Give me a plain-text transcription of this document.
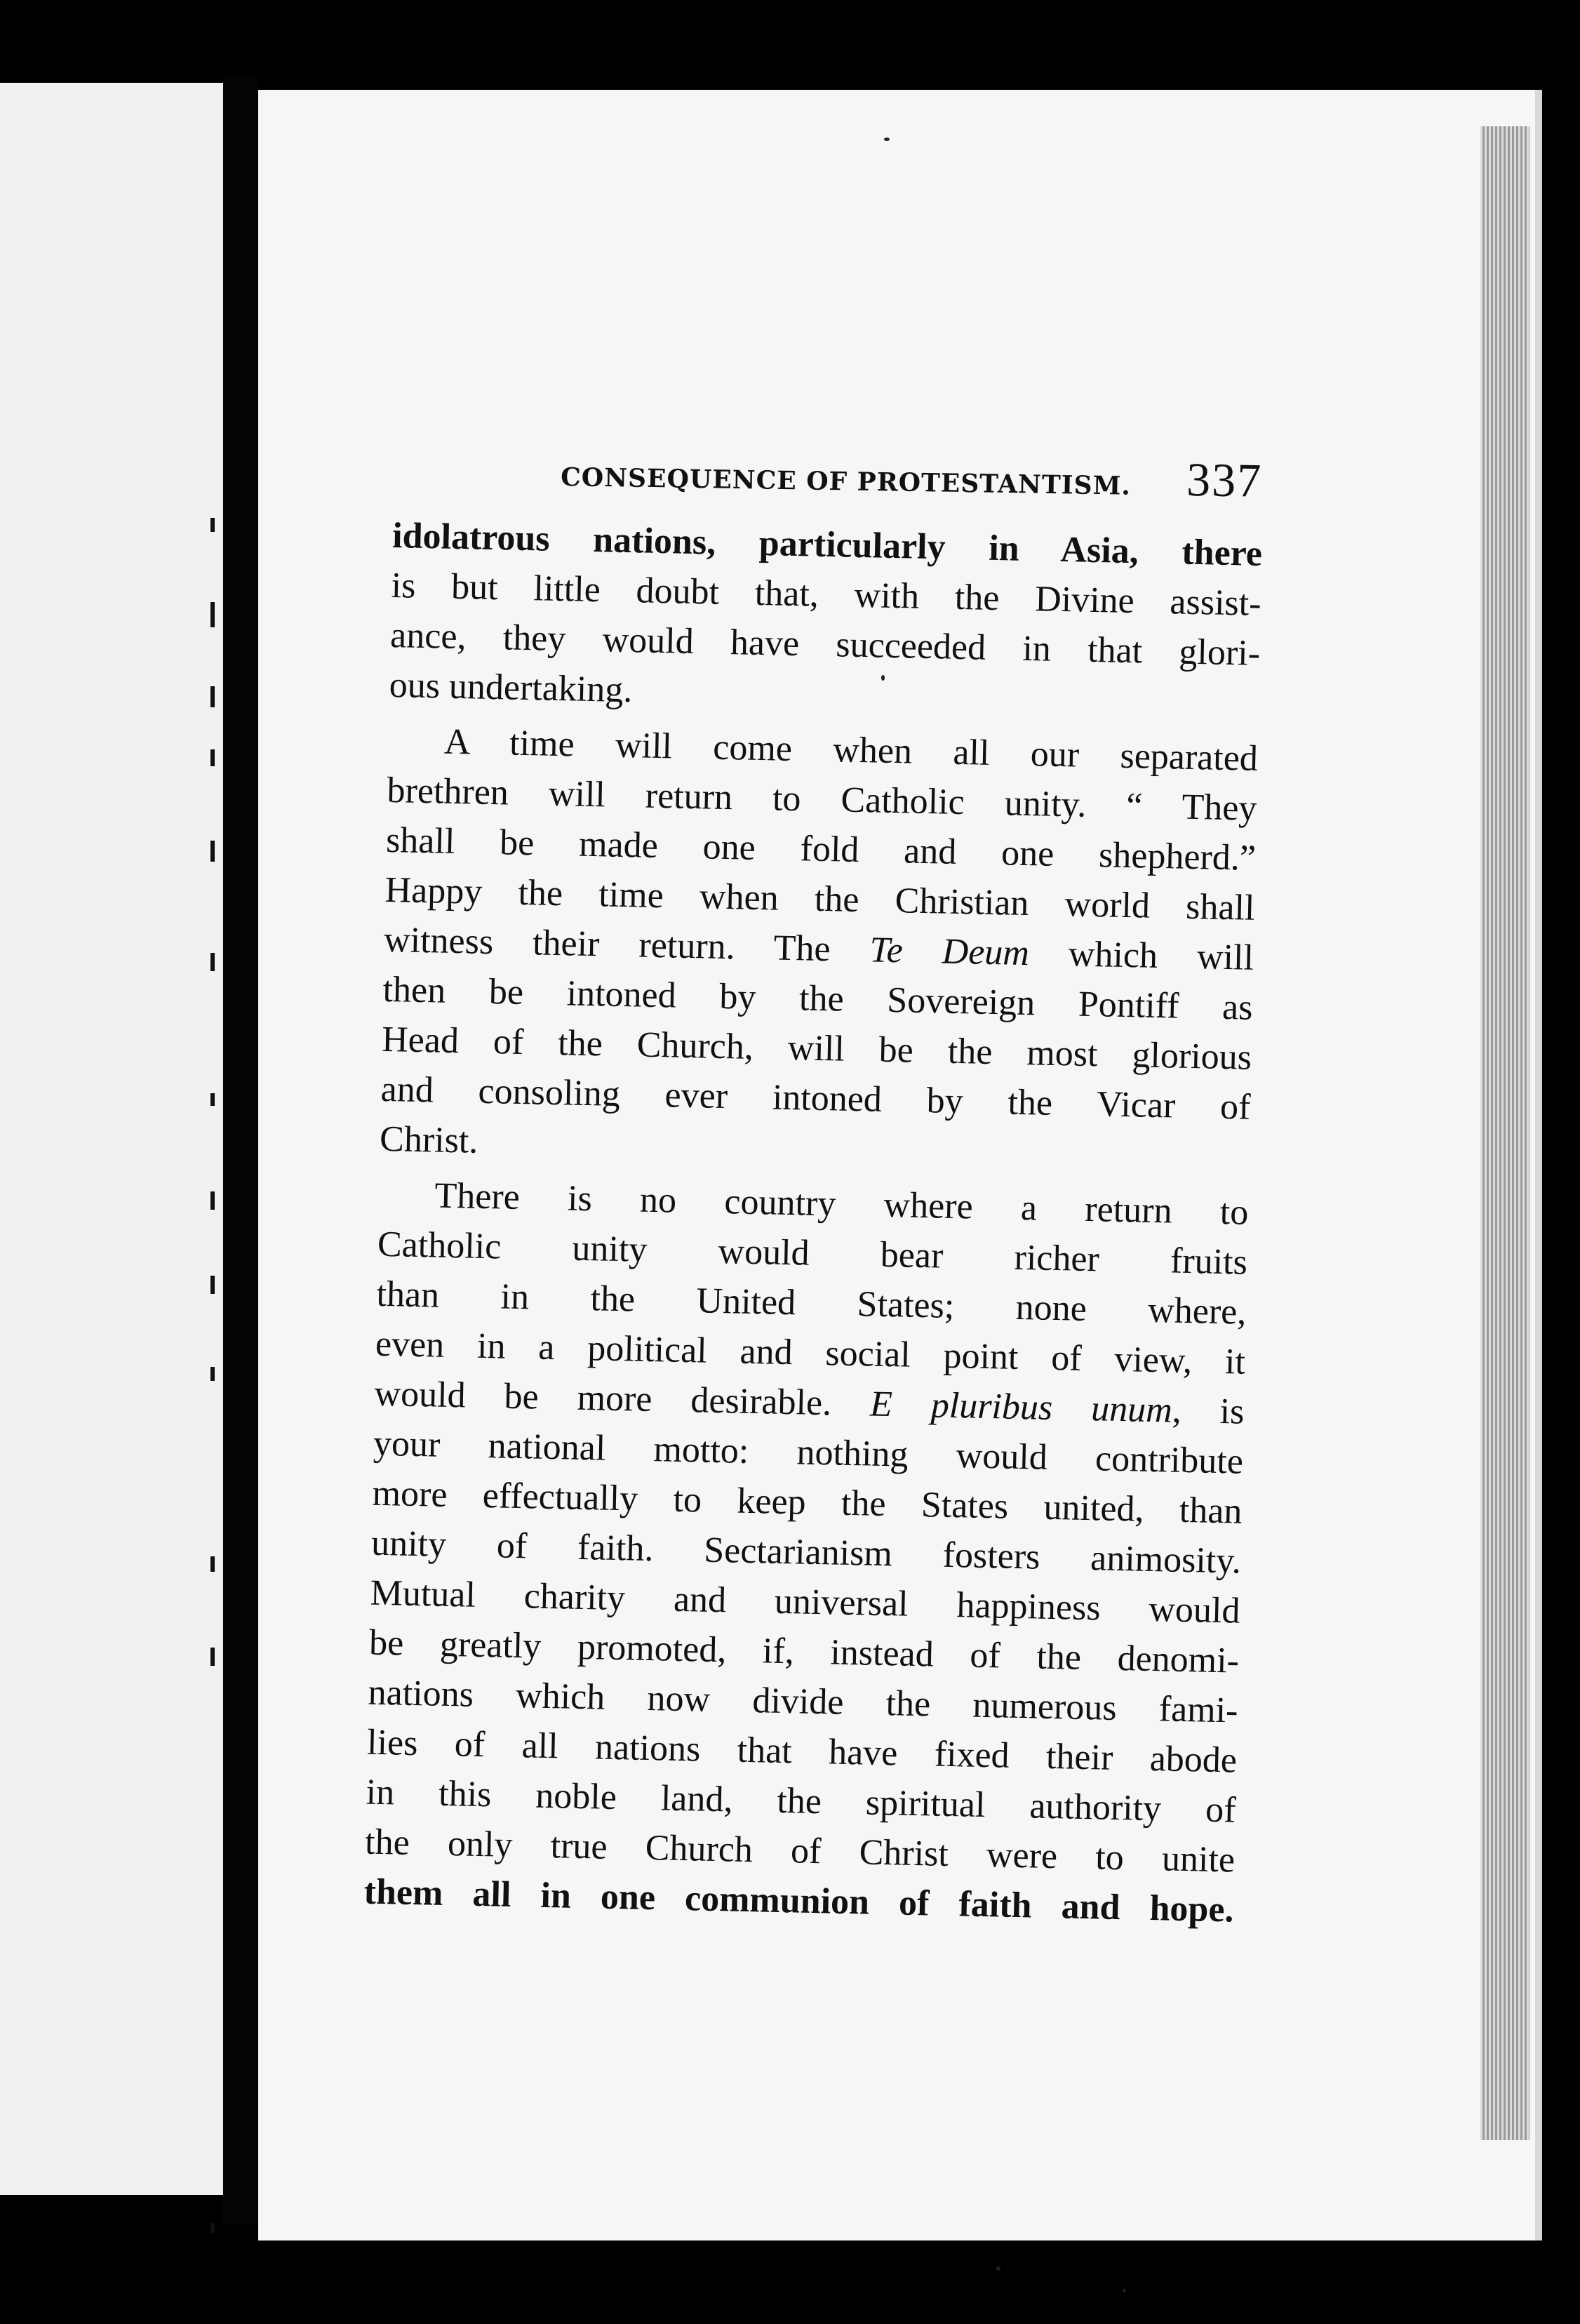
CONSEQUENCE OF PROTESTANTISM. 337

idolatrous nations, particularly in Asia, there
is but little doubt that, with the Divine assist-
ance, they would have succeeded in that glori-
ous undertaking.

A time will come when all our separated
brethren will return to Catholic unity. “ They
shall be made one fold and one shepherd.”
Happy the time when the Christian world shall
witness their return. The Te Deum which will
then be intoned by the Sovereign Pontiff as
Head of the Church, will be the most glorious
and consoling ever intoned by the Vicar of
Christ.

There is no country where a return to
Catholic unity would bear richer fruits
than in the United States; none where,
even in a political and social point of view, it
would be more desirable. E pluribus unum, is
your national motto: nothing would contribute
more effectually to keep the States united, than
unity of faith. Sectarianism fosters animosity.
Mutual charity and universal happiness would
be greatly promoted, if, instead of the denomi-
nations which now divide the numerous fami-
lies of all nations that have fixed their abode
in this noble land, the spiritual authority of
the only true Church of Christ were to unite
them all in one communion of faith and hope.
